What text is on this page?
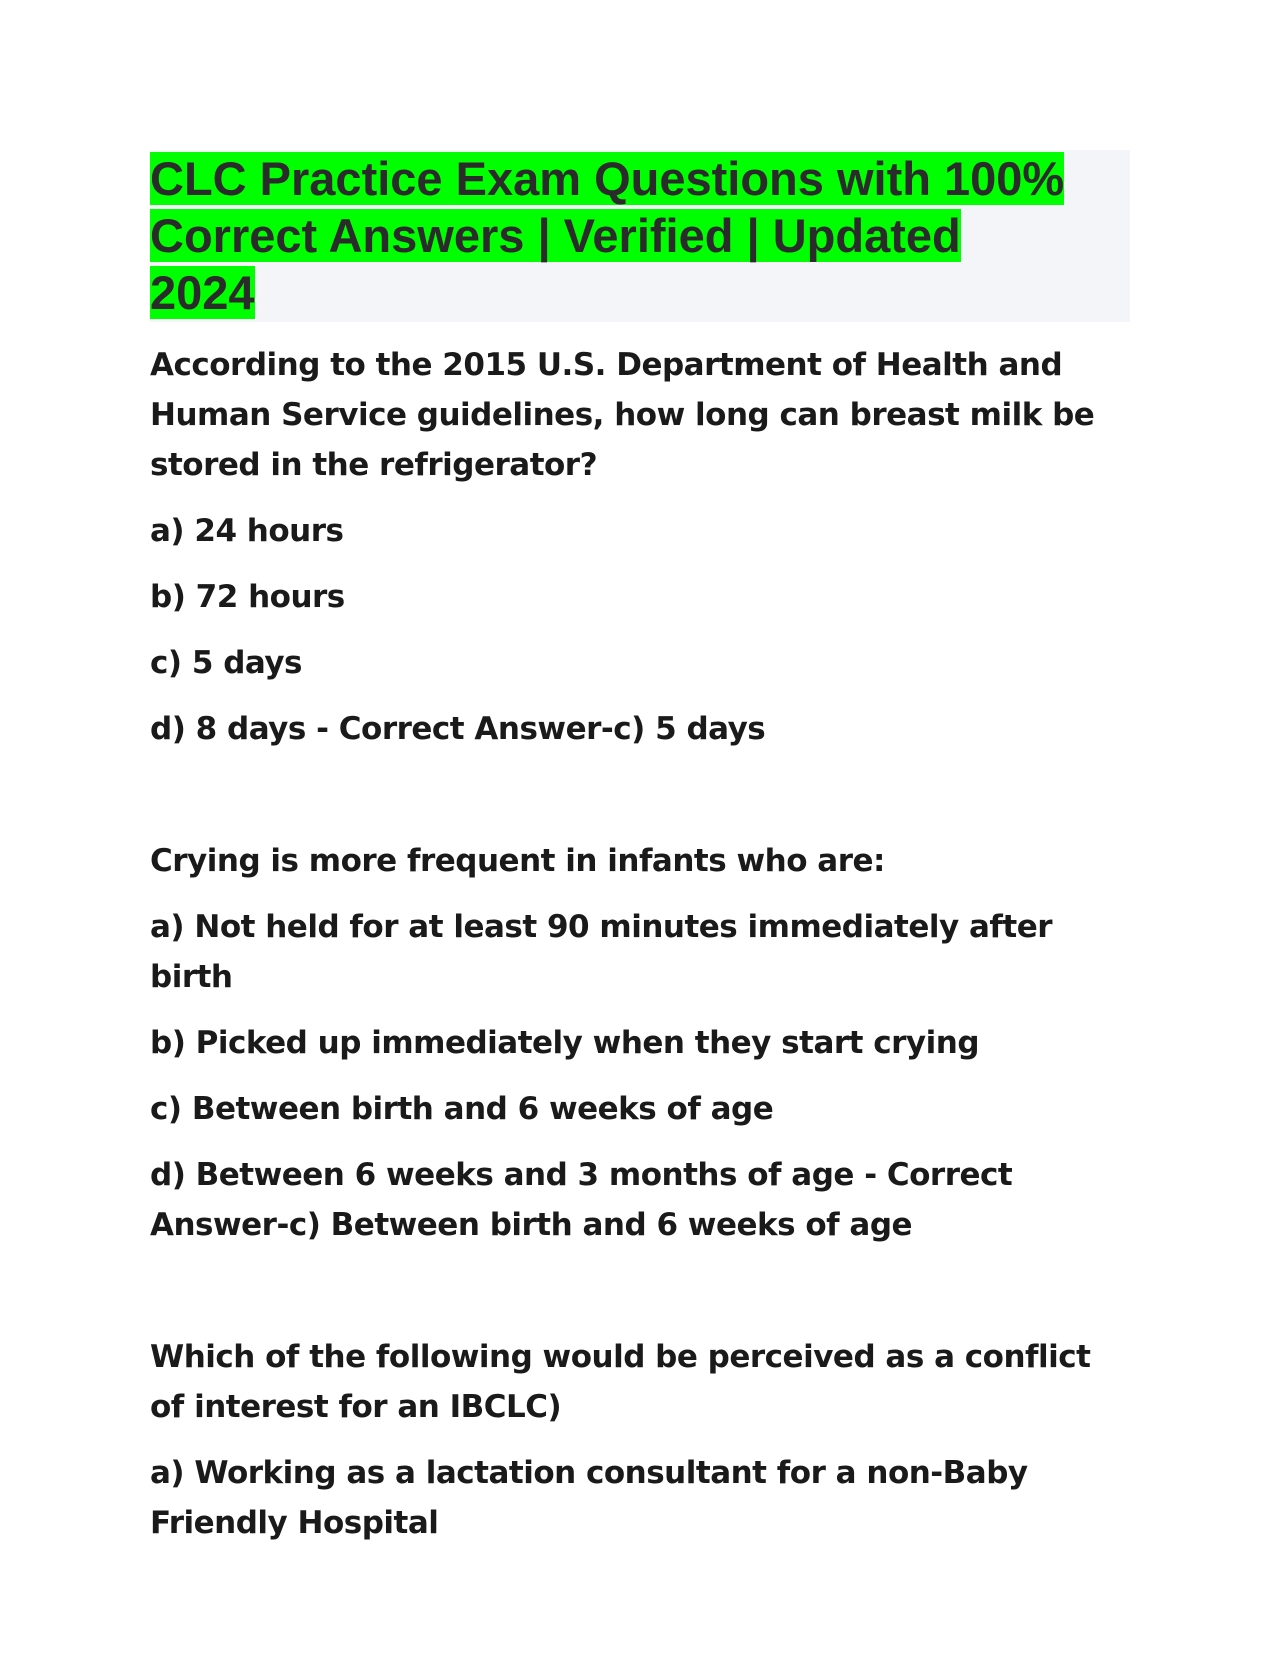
CLC Practice Exam Questions with 100%
Correct Answers | Verified | Updated
2024

According to the 2015 U.S. Department of Health and Human Service guidelines, how long can breast milk be stored in the refrigerator?

a) 24 hours

b) 72 hours

c) 5 days

d) 8 days - Correct Answer-c) 5 days

Crying is more frequent in infants who are:

a) Not held for at least 90 minutes immediately after birth

b) Picked up immediately when they start crying

c) Between birth and 6 weeks of age

d) Between 6 weeks and 3 months of age - Correct Answer-c) Between birth and 6 weeks of age

Which of the following would be perceived as a conflict of interest for an IBCLC)

a) Working as a lactation consultant for a non-Baby Friendly Hospital
